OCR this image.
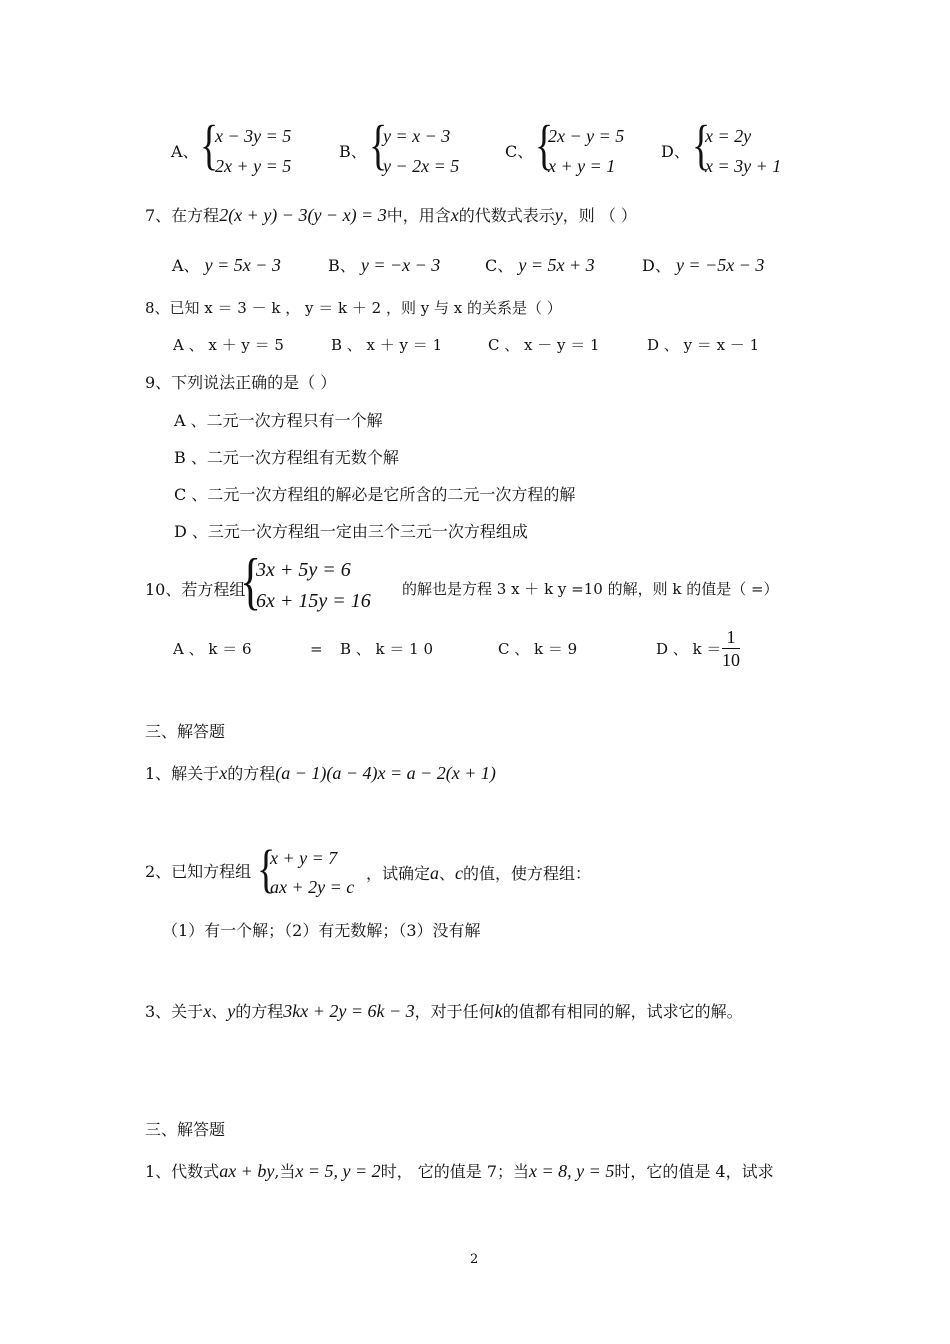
A、 {
x − 3y = 5
2x + y = 5
B、 {
y = x − 3
y − 2x = 5
C、 {
2x − y = 5
x + y = 1
D、 {
x = 2y
x = 3y + 1
7、在方程2(x + y) − 3(y − x) = 3中，用含x的代数式表示y，则 （ ）
A、 y = 5x − 3	B、 y = −x − 3	C、 y = 5x + 3	D、 y = −5x − 3
8、已知 x ＝ 3 － k ， y ＝ k ＋ 2 ，则 y 与 x 的关系是（ ）
A 、 x ＋ y ＝ 5	B 、 x ＋ y ＝ 1	C 、 x － y ＝ 1	D 、 y ＝ x － 1
9、下列说法正确的是（ ）
A 、二元一次方程只有一个解
B 、二元一次方程组有无数个解
C 、二元一次方程组的解必是它所含的二元一次方程的解
D 、三元一次方程组一定由三个三元一次方程组成
10、若方程组
{
3x + 5y = 6
6x + 15y = 16
的解也是方程 3 x ＋ k y =10 的解，则 k 的值是（ =）
A 、 k ＝ 6	= B 、 k ＝ 1 0	C 、 k ＝ 9	D 、 $k = \frac{1}{10}$
三、解答题
1、解关于x的方程(a − 1)(a − 4)x = a − 2(x + 1)
2、已知方程组 {
x + y = 7
ax + 2y = c
，试确定a、c的值，使方程组：
（1）有一个解；（2）有无数解；（3）没有解
3、关于x、y的方程3kx + 2y = 6k − 3，对于任何k的值都有相同的解，试求它的解。
三、解答题
1、代数式ax + by,当x = 5, y = 2时， 它的值是 7；当x = 8, y = 5时，它的值是 4，试求
2
